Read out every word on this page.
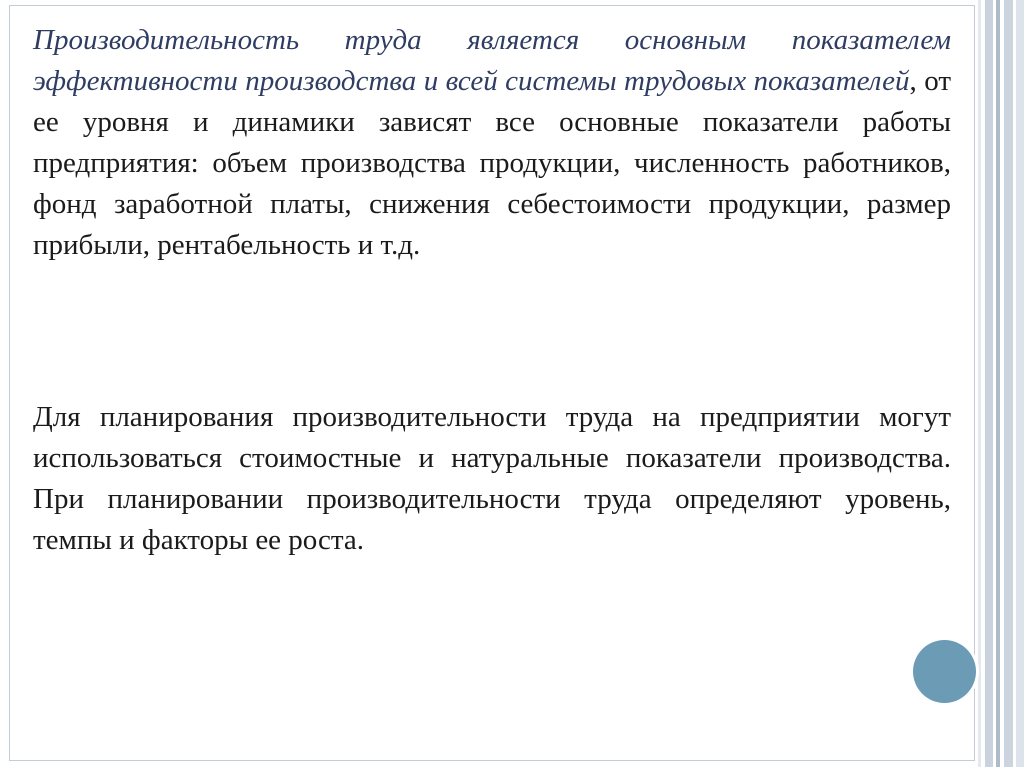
Производительность труда является основным показателем эффективности производства и всей системы трудовых показателей, от ее уровня и динамики зависят все основные показатели работы предприятия: объем производства продукции, численность работников, фонд заработной платы, снижения себестоимости продукции, размер прибыли, рентабельность и т.д.

Для планирования производительности труда на предприятии могут использоваться стоимостные и натуральные показатели производства. При планировании производительности труда определяют уровень, темпы и факторы ее роста.
